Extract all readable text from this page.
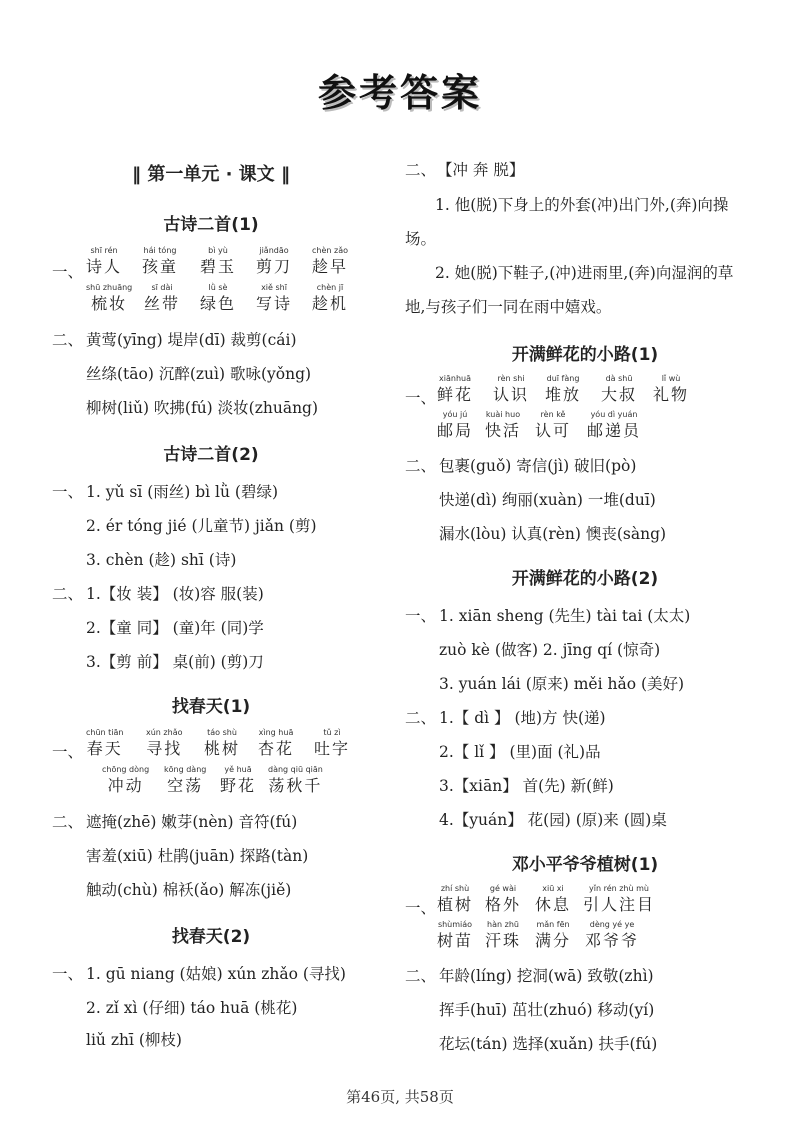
参考答案
‖ 第一单元 · 课文 ‖
古诗二首(1)
一、
shī rén
诗人
hái tóng
孩童
bì yù
碧玉
jiǎndāo
剪刀
chèn zǎo
趁早
shū zhuāng
梳妆
sī dài
丝带
lǜ sè
绿色
xiě shī
写诗
chèn jī
趁机
二、 黄莺(yīng) 堤岸(dī) 裁剪(cái)
丝绦(tāo) 沉醉(zuì) 歌咏(yǒng)
柳树(liǔ) 吹拂(fú) 淡妆(zhuāng)
古诗二首(2)
一、 1. yǔ sī (雨丝) bì lǜ (碧绿)
2. ér tóng jié (儿童节) jiǎn (剪)
3. chèn (趁) shī (诗)
二、 1.【妆 装】 (妆)容 服(装)
2.【童 同】 (童)年 (同)学
3.【剪 前】 桌(前) (剪)刀
找春天(1)
一、
chūn tiān
春天
xún zhǎo
寻找
táo shù
桃树
xìng huā
杏花
tǔ zì
吐字
chōng dòng
冲动
kōng dàng
空荡
yě huā
野花
dàng qiū qiān
荡秋千
二、 遮掩(zhē) 嫩芽(nèn) 音符(fú)
害羞(xiū) 杜鹃(juān) 探路(tàn)
触动(chù) 棉袄(ǎo) 解冻(jiě)
找春天(2)
一、 1. gū niang (姑娘) xún zhǎo (寻找)
2. zǐ xì (仔细) táo huā (桃花)
liǔ zhī (柳枝)
二、 【冲 奔 脱】
1. 他(脱)下身上的外套(冲)出门外,(奔)向操场。
2. 她(脱)下鞋子,(冲)进雨里,(奔)向湿润的草地,与孩子们一同在雨中嬉戏。
开满鲜花的小路(1)
一、
xiānhuā
鲜花
rèn shi
认识
duī fàng
堆放
dà shū
大叔
lǐ wù
礼物
yóu jú
邮局
kuài huo
快活
rèn kě
认可
yóu dì yuán
邮递员
二、 包裹(guǒ) 寄信(jì) 破旧(pò)
快递(dì) 绚丽(xuàn) 一堆(duī)
漏水(lòu) 认真(rèn) 懊丧(sàng)
开满鲜花的小路(2)
一、 1. xiān sheng (先生) tài tai (太太)
zuò kè (做客) 2. jīng qí (惊奇)
3. yuán lái (原来) měi hǎo (美好)
二、 1.【 dì 】 (地)方 快(递)
2.【 lǐ 】 (里)面 (礼)品
3.【xiān】 首(先) 新(鲜)
4.【yuán】 花(园) (原)来 (圆)桌
邓小平爷爷植树(1)
一、
zhí shù
植树
gé wài
格外
xiū xi
休息
yǐn rén zhù mù
引人注目
shùmiáo
树苗
hàn zhū
汗珠
mǎn fēn
满分
dèng yé ye
邓爷爷
二、 年龄(líng) 挖洞(wā) 致敬(zhì)
挥手(huī) 茁壮(zhuó) 移动(yí)
花坛(tán) 选择(xuǎn) 扶手(fú)
第46页, 共58页
